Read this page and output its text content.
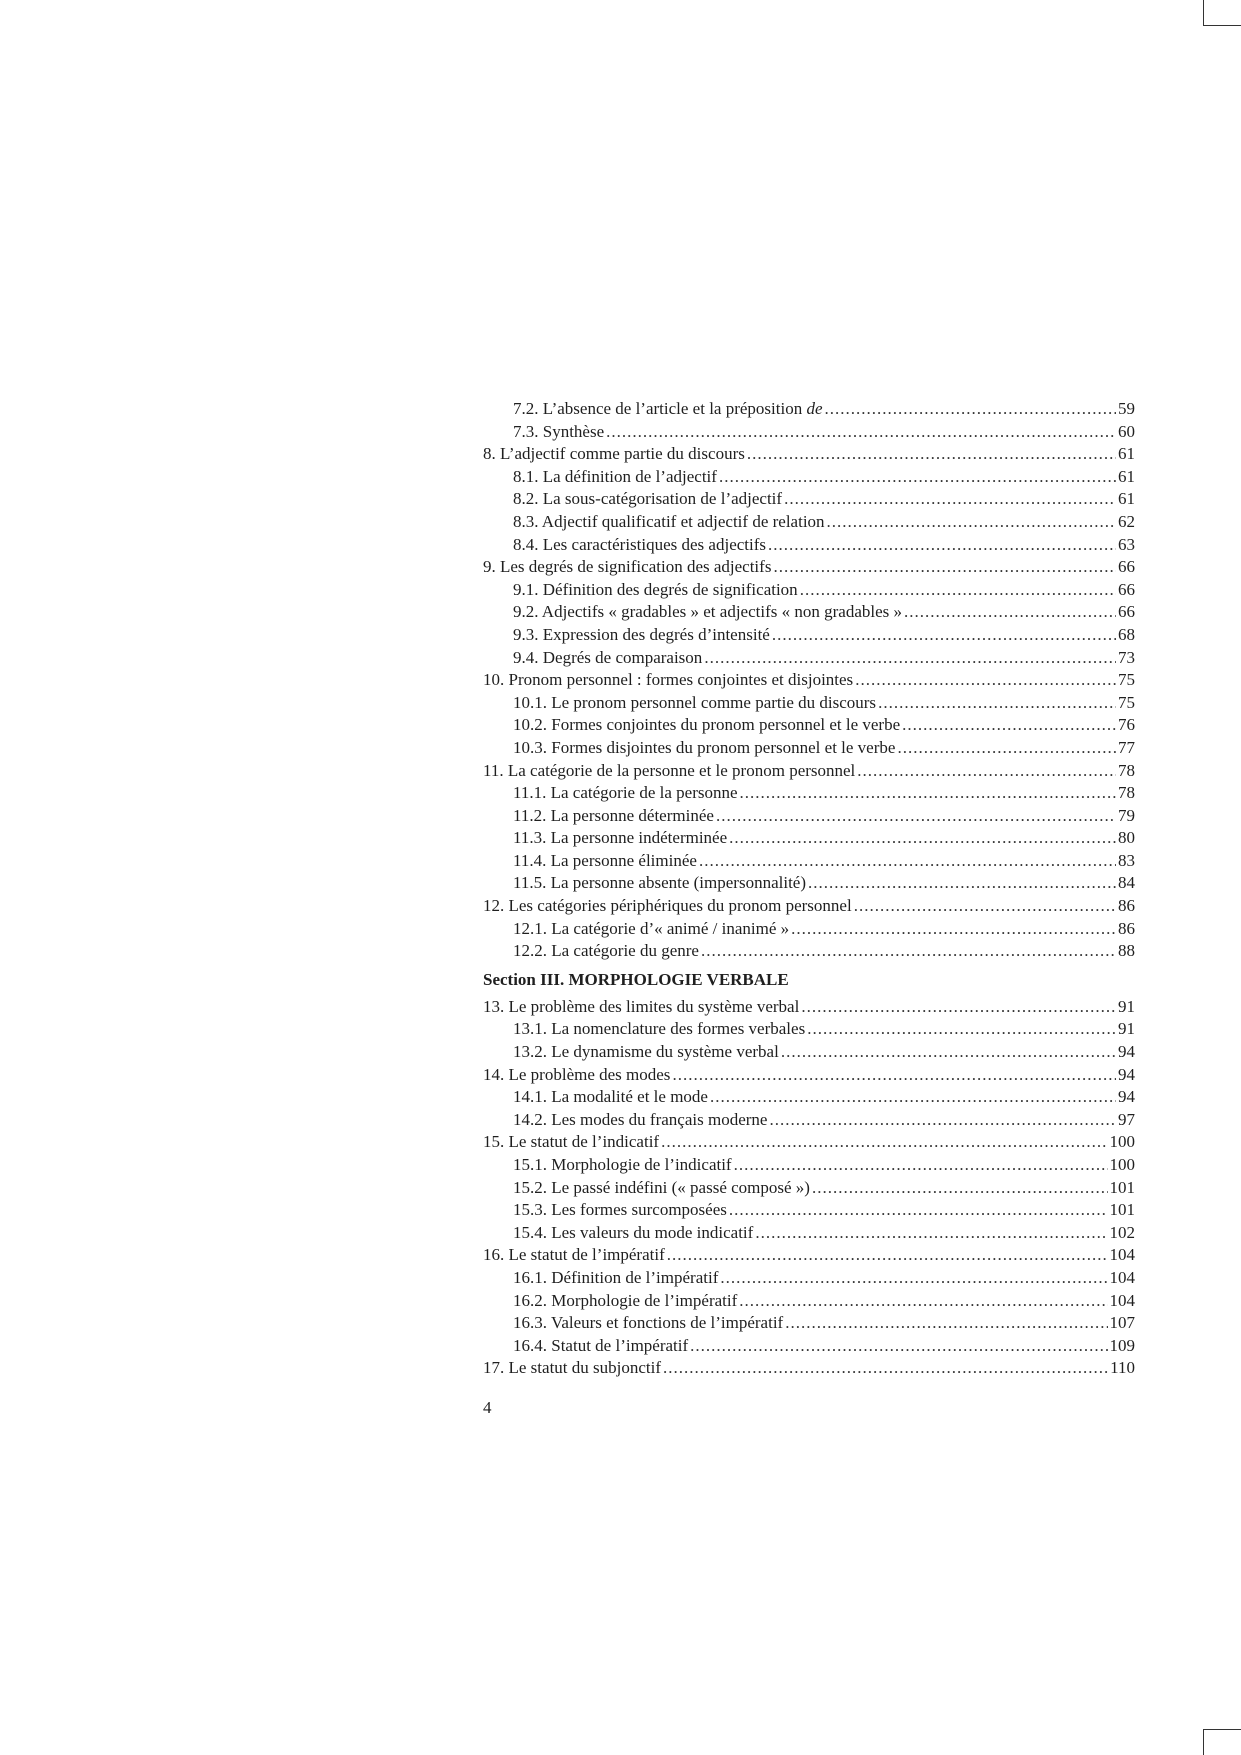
7.2. L’absence de l’article et la préposition de .....	59
7.3. Synthèse .....	60
8. L’adjectif comme partie du discours .....	61
8.1. La définition de l’adjectif .....	61
8.2. La sous-catégorisation de l’adjectif .....	61
8.3. Adjectif qualificatif et adjectif de relation .....	62
8.4. Les caractéristiques des adjectifs .....	63
9. Les degrés de signification des adjectifs .....	66
9.1. Définition des degrés de signification .....	66
9.2. Adjectifs « gradables » et adjectifs « non gradables » .....	66
9.3. Expression des degrés d’intensité .....	68
9.4. Degrés de comparaison .....	73
10. Pronom personnel : formes conjointes et disjointes .....	75
10.1. Le pronom personnel comme partie du discours .....	75
10.2. Formes conjointes du pronom personnel et le verbe .....	76
10.3. Formes disjointes du pronom personnel et le verbe .....	77
11. La catégorie de la personne et le pronom personnel .....	78
11.1. La catégorie de la personne .....	78
11.2. La personne déterminée .....	79
11.3. La personne indéterminée .....	80
11.4. La personne éliminée .....	83
11.5. La personne absente (impersonnalité) .....	84
12. Les catégories périphériques du pronom personnel .....	86
12.1. La catégorie d’« animé / inanimé » .....	86
12.2. La catégorie du genre .....	88
Section III. MORPHOLOGIE VERBALE
13. Le problème des limites du système verbal .....	91
13.1. La nomenclature des formes verbales .....	91
13.2. Le dynamisme du système verbal .....	94
14. Le problème des modes .....	94
14.1. La modalité et le mode .....	94
14.2. Les modes du français moderne .....	97
15. Le statut de l’indicatif .....	100
15.1. Morphologie de l’indicatif .....	100
15.2. Le passé indéfini (« passé composé ») .....	101
15.3. Les formes surcomposées .....	101
15.4. Les valeurs du mode indicatif .....	102
16. Le statut de l’impératif .....	104
16.1. Définition de l’impératif .....	104
16.2. Morphologie de l’impératif .....	104
16.3. Valeurs et fonctions de l’impératif .....	107
16.4. Statut de l’impératif .....	109
17. Le statut du subjonctif .....	110
4
